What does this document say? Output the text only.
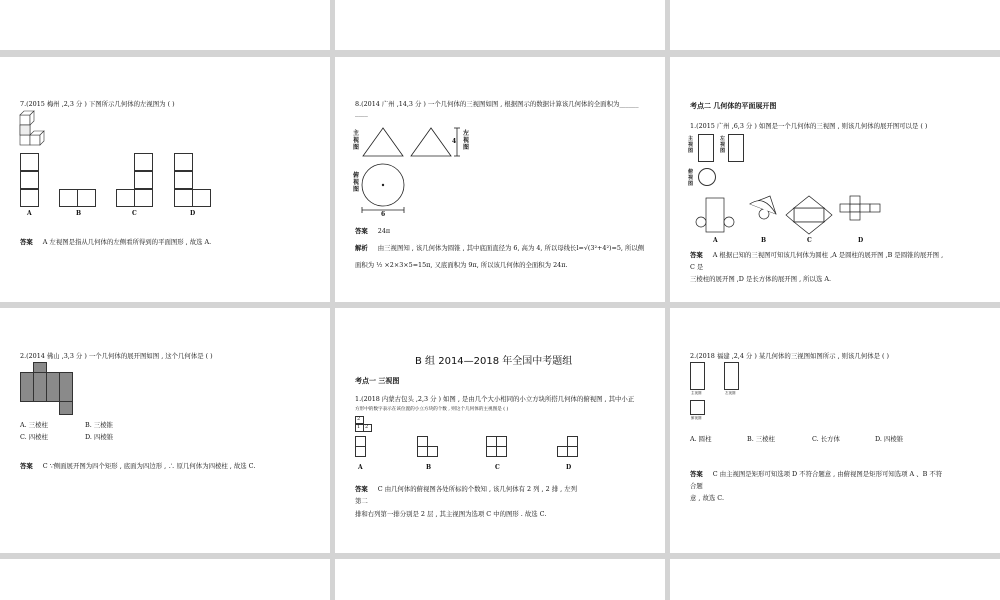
7.(2015 梅州 ,2,3 分 ) 下图所示几何体的左视图为 ( )
A	B	C	D
答案 A 左视图是指从几何体的左侧看所得到的平面图形 , 故选 A.
8.(2014 广州 ,14,3 分 ) 一个几何体的三视图如图 , 根据图示的数据计算该几何体的全面积为______
____
主视图
左视图
俯视图
4
6
答案 24π
解析 由三视图知 , 该几何体为圆锥 , 其中底面直径为 6, 高为 4, 所以母线长l=√(3²+4²)=5, 所以侧
面积为 ½ ×2×3×5=15π, 又底面积为 9π, 所以该几何体的全面积为 24π.
考点二 几何体的平面展开图
1.(2015 广州 ,6,3 分 ) 如图是一个几何体的三视图 , 则该几何体的展开图可以是 ( )
主视图
左视图
俯视图
A	B	C	D
答案 A 根据已知的三视图可知该几何体为圆柱 ,A 是圆柱的展开图 ,B 是圆锥的展开图 ,
C 是
三棱柱的展开图 ,D 是长方体的展开图 , 所以选 A.
2.(2014 佛山 ,3,3 分 ) 一个几何体的展开图如图 , 这个几何体是 ( )
A. 三棱柱	B. 三棱锥
C. 四棱柱	D. 四棱锥
答案 C ∵侧面展开图为四个矩形 , 底面为四边形 , ∴ 原几何体为四棱柱 , 故选 C.
B 组 2014—2018 年全国中考题组
考点一 三视图
1.(2018 内蒙古包头 ,2,3 分 ) 如图 , 是由几个大小相同的小立方块所搭几何体的俯视图 , 其中小正
方形中的数字表示在该位置的小立方块的个数 , 则这个几何体的主视图是 ( )
2
1 2
A	B	C	D
答案 C 由几何体的俯视图各处所标的个数知 , 该几何体有 2 列 , 2 排 , 左列
第二
排和右列第一排分别是 2 层 , 其主视图为选项 C 中的图形 . 故选 C.
2.(2018 福建 ,2,4 分 ) 某几何体的三视图如图所示 , 则该几何体是 ( )
主视图	左视图
俯视图
A. 圆柱	B. 三棱柱	C. 长方体	D. 四棱锥
答案 C 由主视图是矩形可知选项 D 不符合题意 , 由俯视图是矩形可知选项 A 、B 不符
合题
意 , 故选 C.
